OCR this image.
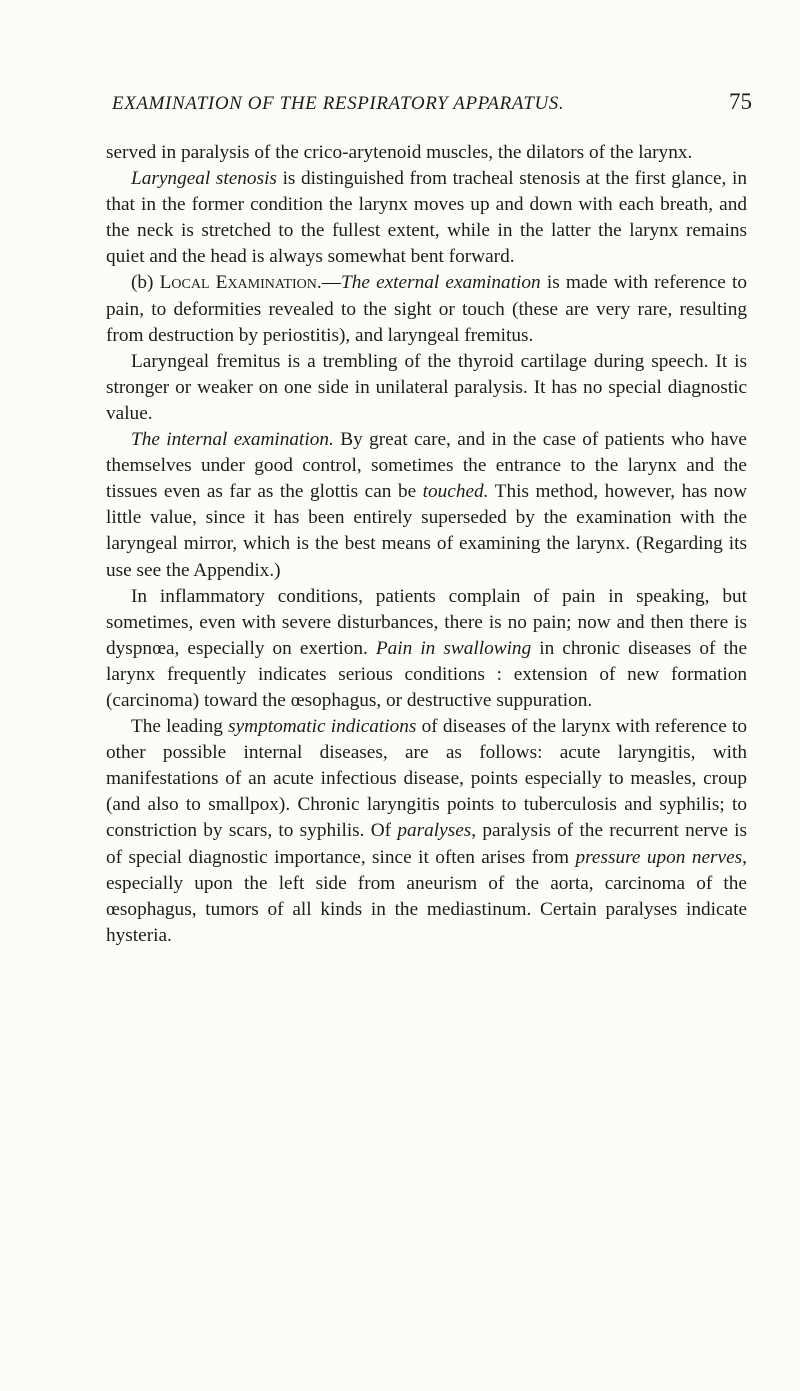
EXAMINATION OF THE RESPIRATORY APPARATUS.	75

served in paralysis of the crico-arytenoid muscles, the dilators of the larynx.

Laryngeal stenosis is distinguished from tracheal stenosis at the first glance, in that in the former condition the larynx moves up and down with each breath, and the neck is stretched to the fullest extent, while in the latter the larynx remains quiet and the head is always somewhat bent forward.

(b) Local Examination.—The external examination is made with reference to pain, to deformities revealed to the sight or touch (these are very rare, resulting from destruction by periostitis), and laryngeal fremitus.

Laryngeal fremitus is a trembling of the thyroid cartilage during speech. It is stronger or weaker on one side in unilateral paralysis. It has no special diagnostic value.

The internal examination. By great care, and in the case of patients who have themselves under good control, sometimes the entrance to the larynx and the tissues even as far as the glottis can be touched. This method, however, has now little value, since it has been entirely superseded by the examination with the laryngeal mirror, which is the best means of examining the larynx. (Regarding its use see the Appendix.)

In inflammatory conditions, patients complain of pain in speaking, but sometimes, even with severe disturbances, there is no pain; now and then there is dyspnœa, especially on exertion. Pain in swallowing in chronic diseases of the larynx frequently indicates serious conditions : extension of new formation (carcinoma) toward the œsophagus, or destructive suppuration.

The leading symptomatic indications of diseases of the larynx with reference to other possible internal diseases, are as follows: acute laryngitis, with manifestations of an acute infectious disease, points especially to measles, croup (and also to smallpox). Chronic laryngitis points to tuberculosis and syphilis; to constriction by scars, to syphilis. Of paralyses, paralysis of the recurrent nerve is of special diagnostic importance, since it often arises from pressure upon nerves, especially upon the left side from aneurism of the aorta, carcinoma of the œsophagus, tumors of all kinds in the mediastinum. Certain paralyses indicate hysteria.
